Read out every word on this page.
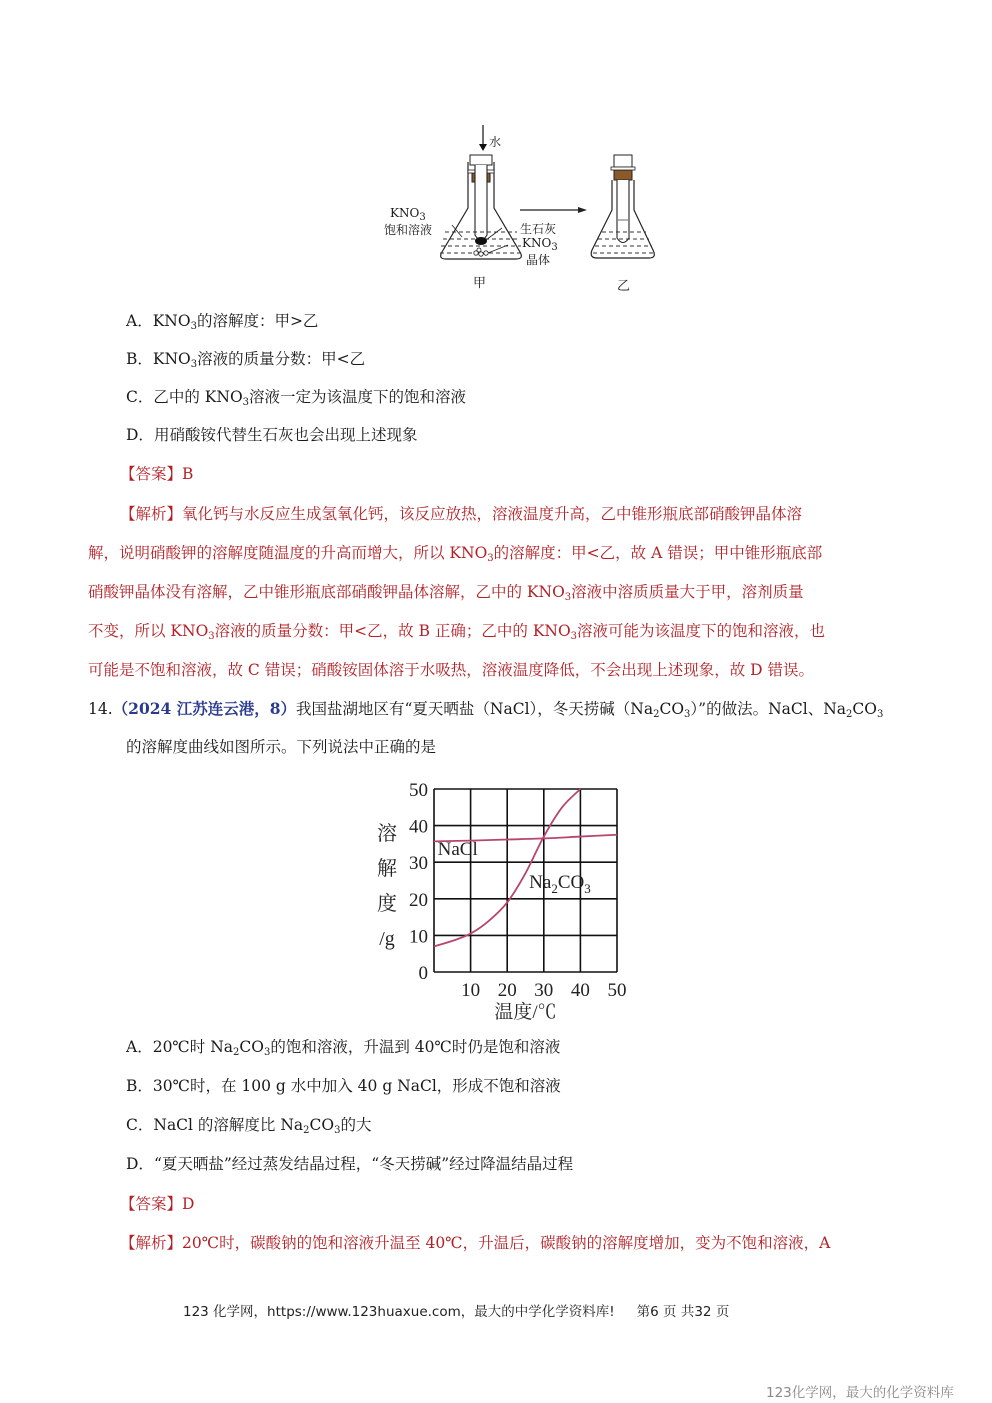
水
$KNO_3$
饱和溶液	生石灰
$KNO_3$
晶体
甲	乙
A．$KNO_3$的溶解度：甲>乙
B．$KNO_3$溶液的质量分数：甲<乙
C．乙中的 $KNO_3$溶液一定为该温度下的饱和溶液
D．用硝酸铵代替生石灰也会出现上述现象
【答案】B
【解析】氧化钙与水反应生成氢氧化钙，该反应放热，溶液温度升高，乙中锥形瓶底部硝酸钾晶体溶
解，说明硝酸钾的溶解度随温度的升高而增大，所以 $KNO_3$的溶解度：甲<乙，故 A 错误；甲中锥形瓶底部
硝酸钾晶体没有溶解，乙中锥形瓶底部硝酸钾晶体溶解，乙中的 $KNO_3$溶液中溶质质量大于甲，溶剂质量
不变，所以 $KNO_3$溶液的质量分数：甲<乙，故 B 正确；乙中的 $KNO_3$溶液可能为该温度下的饱和溶液，也
可能是不饱和溶液，故 C 错误；硝酸铵固体溶于水吸热，溶液温度降低，不会出现上述现象，故 D 错误。
14.（2024 江苏连云港，8）我国盐湖地区有“夏天晒盐（NaCl），冬天捞碱$(Na_2CO_3)$”的做法。NaCl、$Na_2CO_3$
的溶解度曲线如图所示。下列说法中正确的是
0
10
20
30
40
50
10 20 30 40 50
温度/℃
溶
解
度
/g
NaCl
$Na_2CO_3$
A．20℃时 $Na_2CO_3$的饱和溶液，升温到 40℃时仍是饱和溶液
B．30℃时，在 100 g 水中加入 40 g NaCl，形成不饱和溶液
C．NaCl 的溶解度比 $Na_2CO_3$的大
D．“夏天晒盐”经过蒸发结晶过程，“冬天捞碱”经过降温结晶过程
【答案】D
【解析】20℃时，碳酸钠的饱和溶液升温至 40℃，升温后，碳酸钠的溶解度增加，变为不饱和溶液，A
123 化学网，https://www.123huaxue.com，最大的中学化学资料库! 第6 页 共32 页
123化学网，最大的化学资料库
